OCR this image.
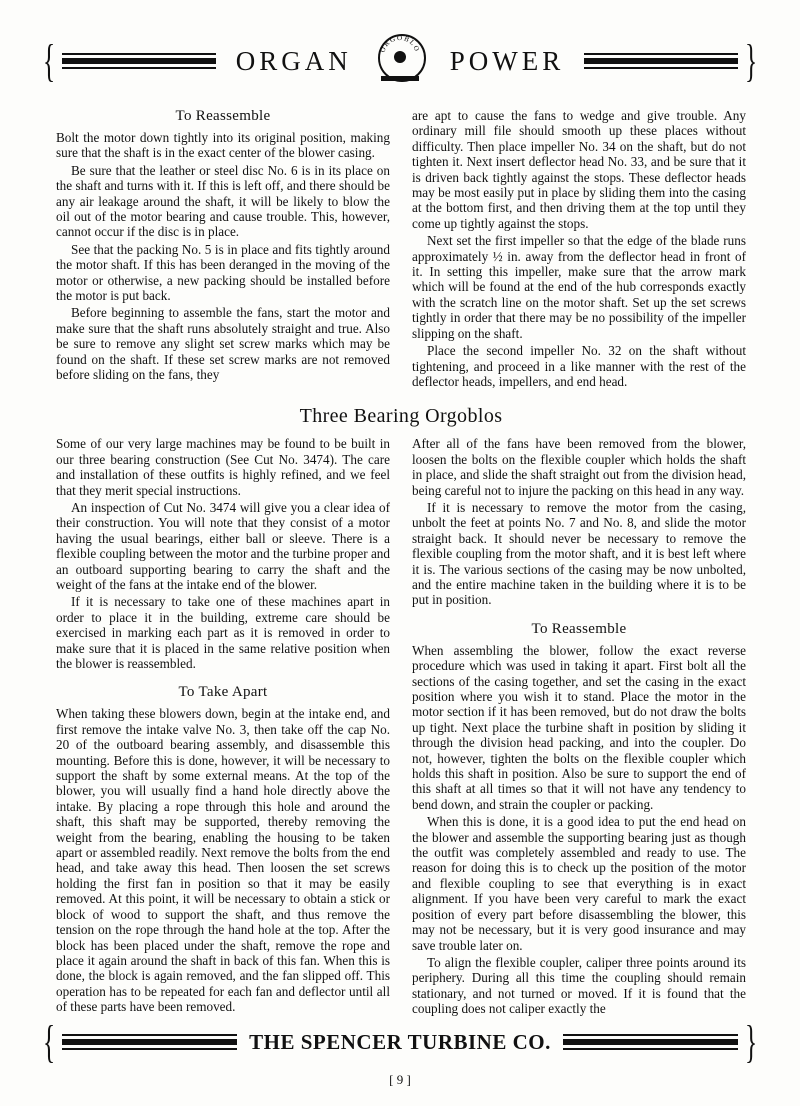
{	ORGAN	ORGOBLO	POWER	}
To Reassemble

Bolt the motor down tightly into its original position, making sure that the shaft is in the exact center of the blower casing.

Be sure that the leather or steel disc No. 6 is in its place on the shaft and turns with it. If this is left off, and there should be any air leakage around the shaft, it will be likely to blow the oil out of the motor bearing and cause trouble. This, however, cannot occur if the disc is in place.

See that the packing No. 5 is in place and fits tightly around the motor shaft. If this has been deranged in the moving of the motor or otherwise, a new packing should be installed before the motor is put back.

Before beginning to assemble the fans, start the motor and make sure that the shaft runs absolutely straight and true. Also be sure to remove any slight set screw marks which may be found on the shaft. If these set screw marks are not removed before sliding on the fans, they

are apt to cause the fans to wedge and give trouble. Any ordinary mill file should smooth up these places without difficulty. Then place impeller No. 34 on the shaft, but do not tighten it. Next insert deflector head No. 33, and be sure that it is driven back tightly against the stops. These deflector heads may be most easily put in place by sliding them into the casing at the bottom first, and then driving them at the top until they come up tightly against the stops.

Next set the first impeller so that the edge of the blade runs approximately ½ in. away from the deflector head in front of it. In setting this impeller, make sure that the arrow mark which will be found at the end of the hub corresponds exactly with the scratch line on the motor shaft. Set up the set screws tightly in order that there may be no possibility of the impeller slipping on the shaft.

Place the second impeller No. 32 on the shaft without tightening, and proceed in a like manner with the rest of the deflector heads, impellers, and end head.

Three Bearing Orgoblos

Some of our very large machines may be found to be built in our three bearing construction (See Cut No. 3474). The care and installation of these outfits is highly refined, and we feel that they merit special instructions.

An inspection of Cut No. 3474 will give you a clear idea of their construction. You will note that they consist of a motor having the usual bearings, either ball or sleeve. There is a flexible coupling between the motor and the turbine proper and an outboard supporting bearing to carry the shaft and the weight of the fans at the intake end of the blower.

If it is necessary to take one of these machines apart in order to place it in the building, extreme care should be exercised in marking each part as it is removed in order to make sure that it is placed in the same relative position when the blower is reassembled.

To Take Apart

When taking these blowers down, begin at the intake end, and first remove the intake valve No. 3, then take off the cap No. 20 of the outboard bearing assembly, and disassemble this mounting. Before this is done, however, it will be necessary to support the shaft by some external means. At the top of the blower, you will usually find a hand hole directly above the intake. By placing a rope through this hole and around the shaft, this shaft may be supported, thereby removing the weight from the bearing, enabling the housing to be taken apart or assembled readily. Next remove the bolts from the end head, and take away this head. Then loosen the set screws holding the first fan in position so that it may be easily removed. At this point, it will be necessary to obtain a stick or block of wood to support the shaft, and thus remove the tension on the rope through the hand hole at the top. After the block has been placed under the shaft, remove the rope and place it again around the shaft in back of this fan. When this is done, the block is again removed, and the fan slipped off. This operation has to be repeated for each fan and deflector until all of these parts have been removed.

After all of the fans have been removed from the blower, loosen the bolts on the flexible coupler which holds the shaft in place, and slide the shaft straight out from the division head, being careful not to injure the packing on this head in any way.

If it is necessary to remove the motor from the casing, unbolt the feet at points No. 7 and No. 8, and slide the motor straight back. It should never be necessary to remove the flexible coupling from the motor shaft, and it is best left where it is. The various sections of the casing may be now unbolted, and the entire machine taken in the building where it is to be put in position.

To Reassemble

When assembling the blower, follow the exact reverse procedure which was used in taking it apart. First bolt all the sections of the casing together, and set the casing in the exact position where you wish it to stand. Place the motor in the motor section if it has been removed, but do not draw the bolts up tight. Next place the turbine shaft in position by sliding it through the division head packing, and into the coupler. Do not, however, tighten the bolts on the flexible coupler which holds this shaft in position. Also be sure to support the end of this shaft at all times so that it will not have any tendency to bend down, and strain the coupler or packing.

When this is done, it is a good idea to put the end head on the blower and assemble the supporting bearing just as though the outfit was completely assembled and ready to use. The reason for doing this is to check up the position of the motor and flexible coupling to see that everything is in exact alignment. If you have been very careful to mark the exact position of every part before disassembling the blower, this may not be necessary, but it is very good insurance and may save trouble later on.

To align the flexible coupler, caliper three points around its periphery. During all this time the coupling should remain stationary, and not turned or moved. If it is found that the coupling does not caliper exactly the

{	THE SPENCER TURBINE CO.	}
[ 9 ]
